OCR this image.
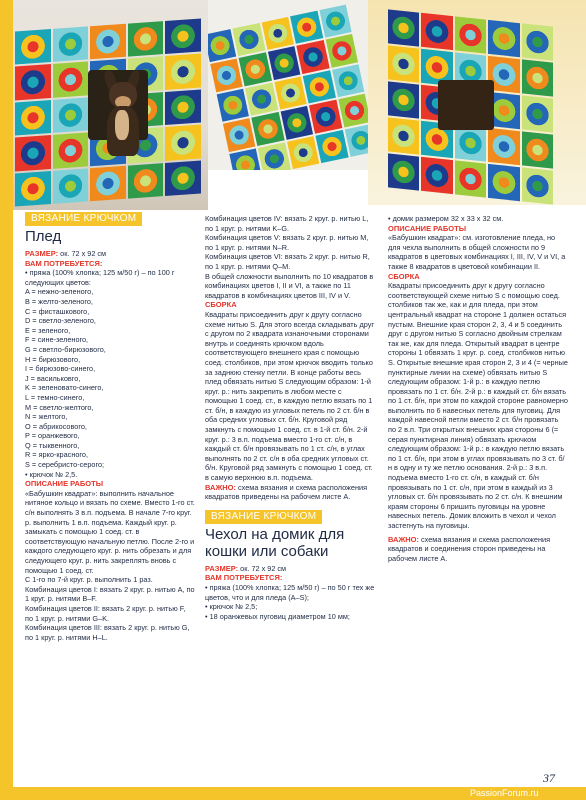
ВЯЗАНИЕ КРЮЧКОМ
Плед

РАЗМЕР: ок. 72 х 92 см

ВАМ ПОТРЕБУЕТСЯ:

• пряжа (100% хлопка; 125 м/50 г) – по 100 г следующих цветов:

A = нежно-зеленого,

B = желто-зеленого,

C = фисташкового,

D = светло-зеленого,

E = зеленого,

F = сине-зеленого,

G = светло-бирюзового,

H = бирюзового,

I = бирюзово-синего,

J = васильковго,

K = зеленовато-синего,

L = темно-синего,

M = светло-желтого,

N = желтого,

O = абрикосового,

P = оранжевого,

Q = тыквенного,

R = ярко-красного,

S = серебристо-серого;

• крючок № 2,5.

ОПИСАНИЕ РАБОТЫ

«Бабушкин квадрат»: выполнить начальное нитяное кольцо и вязать по схеме. Вместо 1-го ст. с/н выполнять 3 в.п. подъема. В начале 7-го круг. р. выполнить 1 в.п. подъема. Каждый круг. р. замыкать с помощью 1 соед. ст. в соответствующую начальную петлю. После 2-го и каждого следующего круг. р. нить обрезать и для следующего круг. р. нить закреплять вновь с помощью 1 соед. ст.

С 1-го по 7-й круг. р. выполнить 1 раз.

Комбинация цветов I: вязать 2 круг. р. нитью A, по 1 круг. р. нитями B–F.

Комбинация цветов II: вязать 2 круг. р. нитью F, по 1 круг. р. нитями G–K.

Комбинация цветов III: вязать 2 круг. р. нитью G, по 1 круг. р. нитями H–L.

Комбинация цветов IV: вязать 2 круг. р. нитью L, по 1 круг. р. нитями K–G.

Комбинация цветов V: вязать 2 круг. р. нитью M, по 1 круг. р. нитями N–R.

Комбинация цветов VI: вязать 2 круг. р. нитью R, по 1 круг. р. нитями Q–M.

В общей сложности выполнить по 10 квадратов в комбинациях цветов I, II и VI, а также по 11 квадратов в комбинациях цветов III, IV и V.

СБОРКА

Квадраты присоединить друг к другу согласно схеме нитью S. Для этого всегда складывать друг с другом по 2 квадрата изнаночными сторонами внутрь и соединять крючком вдоль соответствующего внешнего края с помощью соед. столбиков, при этом крючок вводить только за заднюю стенку петли. В конце работы весь плед обвязать нитью S следующим образом: 1-й круг. р.: нить закрепить в любом месте с помощью 1 соед. ст., в каждую петлю вязать по 1 ст. б/н, в каждую из угловых петель по 2 ст. б/н в оба средних угловых ст. б/н. Круговой ряд замкнуть с помощью 1 соед. ст. в 1-й ст. б/н. 2-й круг. р.: 3 в.п. подъема вместо 1-го ст. с/н, в каждый ст. б/н провязывать по 1 ст. с/н, в углах выполнять по 2 ст. с/н в оба средних угловых ст. б/н. Круговой ряд замкнуть с помощью 1 соед. ст. в самую верхнюю в.п. подъема.

ВАЖНО: схема вязания и схема расположения квадратов приведены на рабочем листе A.

ВЯЗАНИЕ КРЮЧКОМ
Чехол на домик для кошки или собаки

РАЗМЕР: ок. 72 х 92 см

ВАМ ПОТРЕБУЕТСЯ:

• пряжа (100% хлопка; 125 м/50 г) – по 50 г тех же цветов, что и для пледа (A–S);

• крючок № 2,5;

• 18 оранжевых пуговиц диаметром 10 мм;

• домик размером 32 х 33 х 32 см.

ОПИСАНИЕ РАБОТЫ

«Бабушкин квадрат»: см. изготовление пледа, но для чехла выполнить в общей сложности по 9 квадратов в цветовых комбинациях I, III, IV, V и VI, а также 8 квадратов в цветовой комбинации II.

СБОРКА

Квадраты присоединить друг к другу согласно соответствующей схеме нитью S с помощью соед. столбиков так же, как и для пледа, при этом центральный квадрат на стороне 1 должен остаться пустым. Внешние края сторон 2, 3, 4 и 5 соединить друг с другом нитью S согласно двойным стрелкам так же, как для пледа. Открытый квадрат в центре стороны 1 обвязать 1 круг. р. соед. столбиков нитью S. Открытые внешние края сторон 2, 3 и 4 (= черные пунктирные линии на схеме) обвязать нитью S следующим образом: 1-й р.: в каждую петлю провязать по 1 ст. б/н. 2-й р.: в каждый ст. б/н вязать по 1 ст. б/н, при этом по каждой стороне равномерно выполнить по 6 навесных петель для пуговиц. Для каждой навесной петли вместо 2 ст. б/н провязать по 2 в.п. Три открытых внешних края стороны 6 (= серая пунктирная линия) обвязать крючком следующим образом: 1-й р.: в каждую петлю вязать по 1 ст. б/н, при этом в углах провязывать по 3 ст. б/н в одну и ту же петлю основания. 2-й р.: 3 в.п. подъема вместо 1-го ст. с/н, в каждый ст. б/н провязывать по 1 ст. с/н, при этом в каждый из 3 угловых ст. б/н провязывать по 2 ст. с/н. К внешним краям стороны 6 пришить пуговицы на уровне навесных петель. Домик вложить в чехол и чехол застегнуть на пуговицы.

ВАЖНО: схема вязания и схема расположения квадратов и соединения сторон приведены на рабочем листе A.

37
PassionForum.ru
